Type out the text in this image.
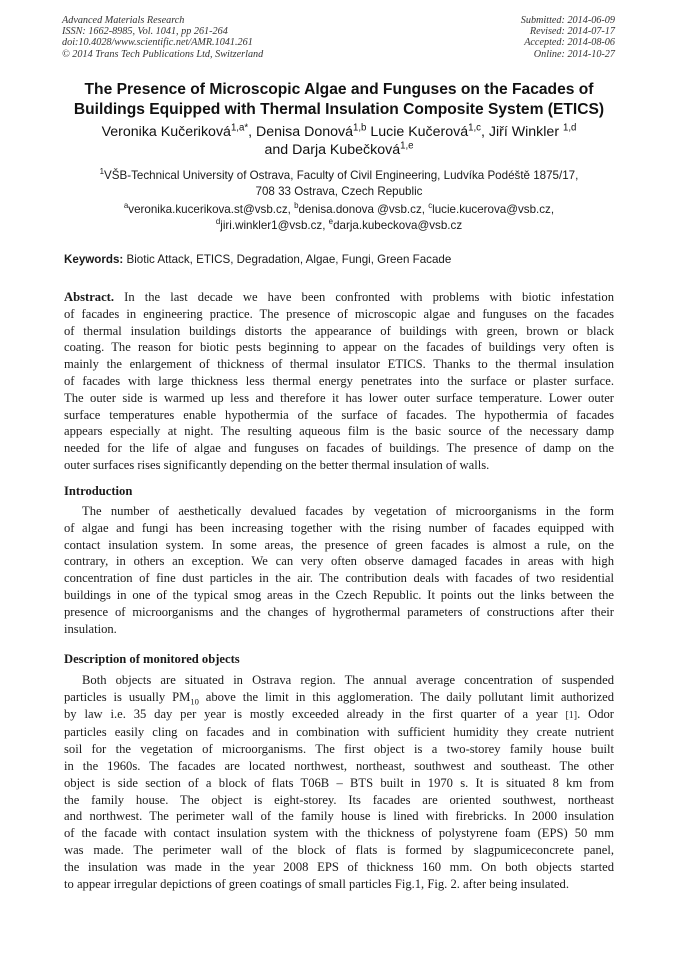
Advanced Materials Research
ISSN: 1662-8985, Vol. 1041, pp 261-264
doi:10.4028/www.scientific.net/AMR.1041.261
© 2014 Trans Tech Publications Ltd, Switzerland
Submitted: 2014-06-09
Revised: 2014-07-17
Accepted: 2014-08-06
Online: 2014-10-27
The Presence of Microscopic Algae and Funguses on the Facades of
Buildings Equipped with Thermal Insulation Composite System (ETICS)
Veronika Kučeriková$^{1,a*}$, Denisa Donová$^{1,b}$ Lucie Kučerová$^{1,c}$, Jiří Winkler $^{1,d}$
and Darja Kubečková$^{1,e}$
$^1$VŠB-Technical University of Ostrava, Faculty of Civil Engineering, Ludvíka Podéště 1875/17,
708 33 Ostrava, Czech Republic
$^a$veronika.kucerikova.st@vsb.cz, $^b$denisa.donova @vsb.cz, $^c$lucie.kucerova@vsb.cz,
$^d$jiri.winkler1@vsb.cz, $^e$darja.kubeckova@vsb.cz
Keywords: Biotic Attack, ETICS, Degradation, Algae, Fungi, Green Facade
Abstract. In the last decade we have been confronted with problems with biotic infestation
of facades in engineering practice. The presence of microscopic algae and funguses on the facades
of thermal insulation buildings distorts the appearance of buildings with green, brown or black
coating. The reason for biotic pests beginning to appear on the facades of buildings very often is
mainly the enlargement of thickness of thermal insulator ETICS. Thanks to the thermal insulation
of facades with large thickness less thermal energy penetrates into the surface or plaster surface.
The outer side is warmed up less and therefore it has lower outer surface temperature. Lower outer
surface temperatures enable hypothermia of the surface of facades. The hypothermia of facades
appears especially at night. The resulting aqueous film is the basic source of the necessary damp
needed for the life of algae and funguses on facades of buildings. The presence of damp on the
outer surfaces rises significantly depending on the better thermal insulation of walls.
Introduction
The number of aesthetically devalued facades by vegetation of microorganisms in the form
of algae and fungi has been increasing together with the rising number of facades equipped with
contact insulation system. In some areas, the presence of green facades is almost a rule, on the
contrary, in others an exception. We can very often observe damaged facades in areas with high
concentration of fine dust particles in the air. The contribution deals with facades of two residential
buildings in one of the typical smog areas in the Czech Republic. It points out the links between the
presence of microorganisms and the changes of hygrothermal parameters of constructions after their
insulation.
Description of monitored objects
Both objects are situated in Ostrava region. The annual average concentration of suspended
particles is usually $PM_{10}$ above the limit in this agglomeration. The daily pollutant limit authorized
by law i.e. 35 day per year is mostly exceeded already in the first quarter of a year [1]. Odor
particles easily cling on facades and in combination with sufficient humidity they create nutrient
soil for the vegetation of microorganisms. The first object is a two-storey family house built
in the 1960s. The facades are located northwest, northeast, southwest and southeast. The other
object is side section of a block of flats T06B – BTS built in 1970 s. It is situated 8 km from
the family house. The object is eight-storey. Its facades are oriented southwest, northeast
and northwest. The perimeter wall of the family house is lined with firebricks. In 2000 insulation
of the facade with contact insulation system with the thickness of polystyrene foam (EPS) 50 mm
was made. The perimeter wall of the block of flats is formed by slagpumiceconcrete panel,
the insulation was made in the year 2008 EPS of thickness 160 mm. On both objects started
to appear irregular depictions of green coatings of small particles Fig.1, Fig. 2. after being insulated.
